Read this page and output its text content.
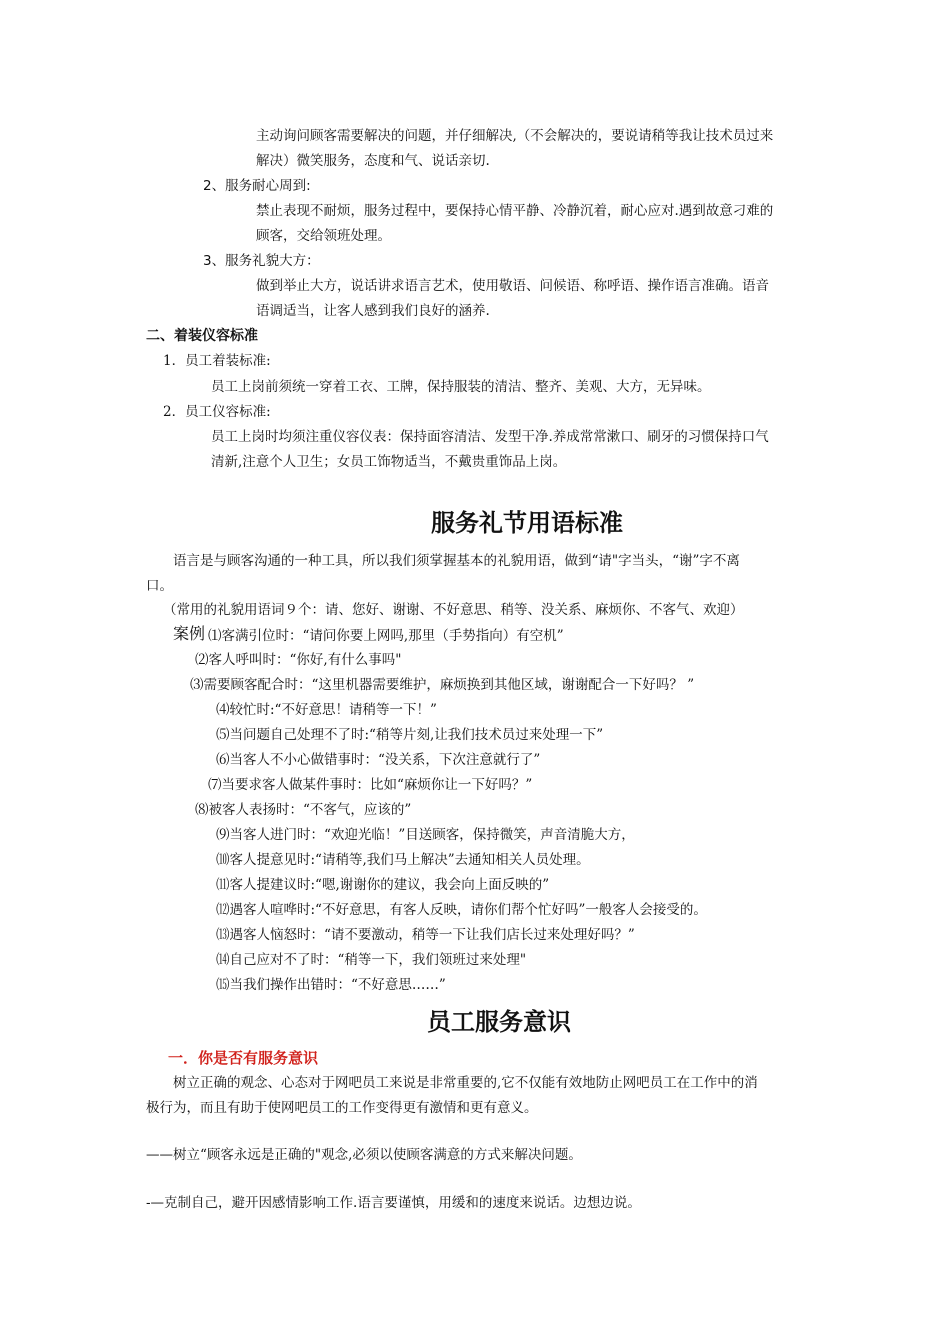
主动询问顾客需要解决的问题，并仔细解决,（不会解决的，要说请稍等我让技术员过来
解决）微笑服务，态度和气、说话亲切.
2、服务耐心周到:
禁止表现不耐烦，服务过程中，要保持心情平静、冷静沉着，耐心应对.遇到故意刁难的
顾客，交给领班处理。
3、服务礼貌大方：
做到举止大方，说话讲求语言艺术，使用敬语、问候语、称呼语、操作语言准确。语音
语调适当，让客人感到我们良好的涵养.
二、着装仪容标准
1．员工着装标准:
员工上岗前须统一穿着工衣、工牌，保持服装的清洁、整齐、美观、大方，无异味。
2．员工仪容标准:
员工上岗时均须注重仪容仪表：保持面容清洁、发型干净.养成常常漱口、刷牙的习惯保持口气
清新,注意个人卫生；女员工饰物适当，不戴贵重饰品上岗。
服务礼节用语标准
语言是与顾客沟通的一种工具，所以我们须掌握基本的礼貌用语，做到“请"字当头，“谢”字不离
口。
（常用的礼貌用语词９个：请、您好、谢谢、不好意思、稍等、没关系、麻烦你、不客气、欢迎）
案例 ⑴客满引位时：“请问你要上网吗,那里（手势指向）有空机”
⑵客人呼叫时：“你好,有什么事吗"
⑶需要顾客配合时：“这里机器需要维护，麻烦换到其他区域，谢谢配合一下好吗？ ”
⑷较忙时:“不好意思！请稍等一下！”
⑸当问题自己处理不了时:“稍等片刻,让我们技术员过来处理一下”
⑹当客人不小心做错事时：“没关系，下次注意就行了”
⑺当要求客人做某件事时：比如“麻烦你让一下好吗？”
⑻被客人表扬时：“不客气，应该的”
⑼当客人进门时：“欢迎光临！”目送顾客，保持微笑，声音清脆大方，
⑽客人提意见时:“请稍等,我们马上解决”去通知相关人员处理。
⑾客人提建议时:“嗯,谢谢你的建议，我会向上面反映的”
⑿遇客人喧哗时:“不好意思，有客人反映，请你们帮个忙好吗”一般客人会接受的。
⒀遇客人恼怒时：“请不要激动，稍等一下让我们店长过来处理好吗？”
⒁自己应对不了时：“稍等一下，我们领班过来处理"
⒂当我们操作出错时：“不好意思……”
员工服务意识
一．你是否有服务意识
树立正确的观念、心态对于网吧员工来说是非常重要的,它不仅能有效地防止网吧员工在工作中的消
极行为，而且有助于使网吧员工的工作变得更有激情和更有意义。
——树立“顾客永远是正确的"观念,必须以使顾客满意的方式来解决问题。
-—克制自己，避开因感情影响工作.语言要谨慎，用缓和的速度来说话。边想边说。
